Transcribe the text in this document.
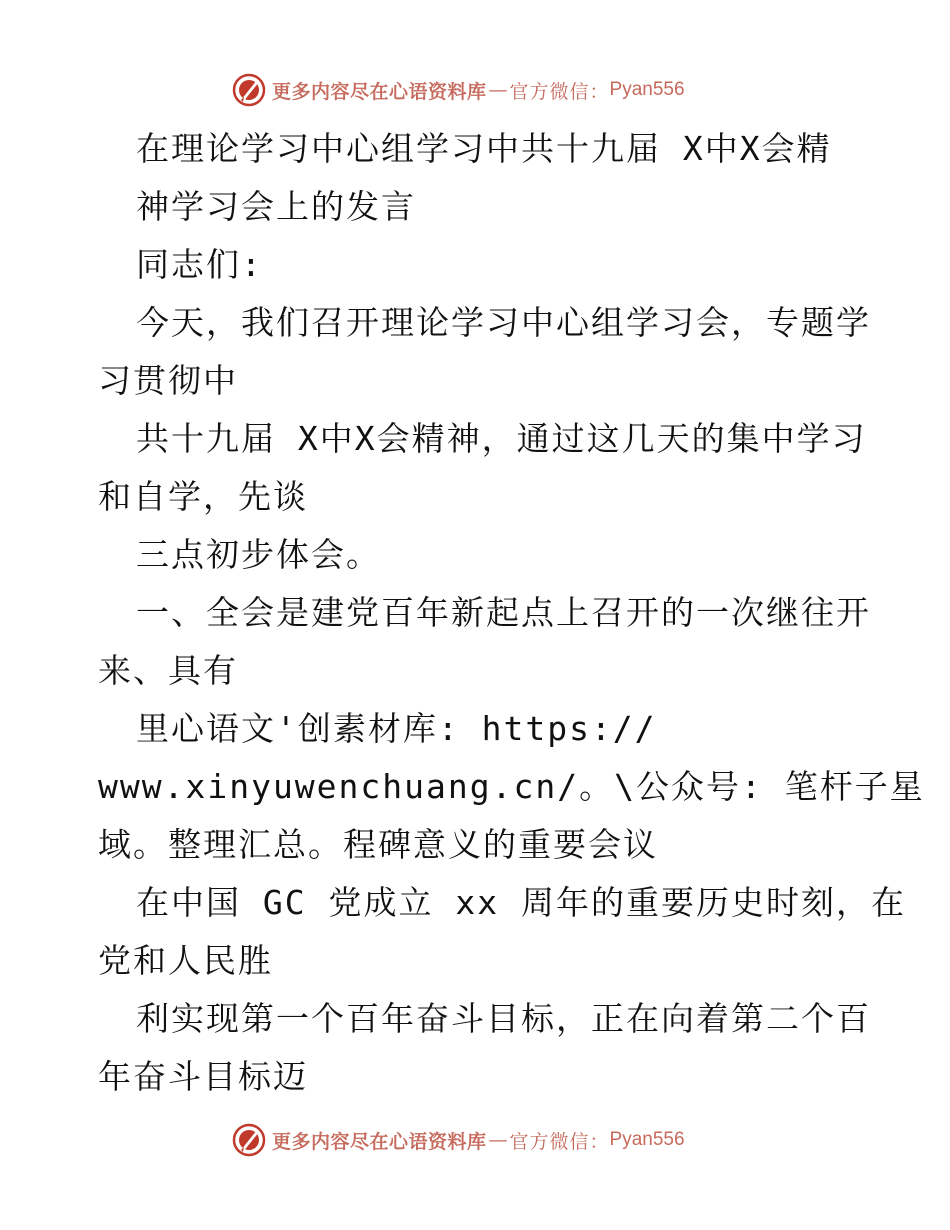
更多内容尽在心语资料库 — 官方微信： Pyan556
在理论学习中心组学习中共十九届 X中X会精
神学习会上的发言
同志们:
今天，我们召开理论学习中心组学习会，专题学
习贯彻中
共十九届 X中X会精神，通过这几天的集中学习
和自学，先谈
三点初步体会。
一、全会是建党百年新起点上召开的一次继往开
来、具有
里心语文'创素材库: https://
www.xinyuwenchuang.cn/。\公众号: 笔杆子星
域。整理汇总。程碑意义的重要会议
在中国 GC 党成立 xx 周年的重要历史时刻，在
党和人民胜
利实现第一个百年奋斗目标，正在向着第二个百
年奋斗目标迈
更多内容尽在心语资料库 — 官方微信： Pyan556
